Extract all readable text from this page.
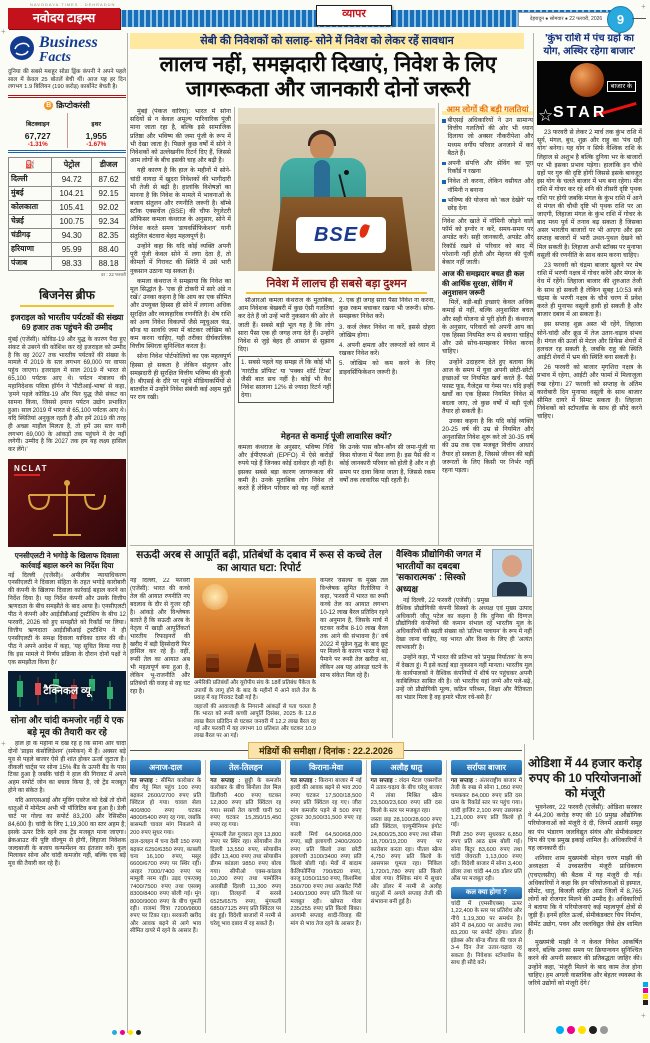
NAVODAYA TIMES . DEHRADUN
+
+
+
नवोदय टाइम्स	व्यापर	देहरादून ● सोमवार ● 22 फरवरी, 2026	9
Business
Facts
दुनिया की सबसे मशहूर सोडा ड्रिंक कंपनी ने अपने पहले साल में केवल 25 बोतलें बेची थीं। आज यह हर दिन लगभग 1.9 बिलियन (190 करोड़) कार्बोनेट बेचती है।
B क्रिप्टोकरंसी
बिटक्वाइन
67,727
-1.31%
इथर
1,955
-1.67%
⛽	पेट्रोल	डीजल
दिल्ली	94.72	87.62
मुंबई	104.21	92.15
कोलकाता	105.41	92.02
चेन्नई	100.75	92.34
चंडीगढ़	94.30	82.35
हरियाणा	95.99	88.40
पंजाब	98.33	88.18
दर : 22 फरवरी
बिजनेस ब्रीफ
इजराइल को भारतीय पर्यटकों की संख्या 69 हजार तक पहुंचने की उम्मीद
मुंबई (एजेंसी)। कोविड-19 और युद्ध के कारण पैदा हुए संकट से उबरने की कोशिश कर रहे इजराइल को उम्मीद है कि वह 2027 तक भारतीय पर्यटकों की संख्या के मामले में 2019 के स्तर लगभग 69,000 पर वापस पहुंच जाएगा। इजराइल में साल 2019 में भारत से 65,100 पर्यटक आए थे। पर्यटन मंत्रालय की महानिदेशक पवित्रा हॉर्गन ने 'पीटीआई-भाषा' से कहा, 'हमने पहले कोविड-19 और फिर युद्ध जैसे संकट का सामना किया, जिससे हमारा पर्यटन उद्योग प्रभावित हुआ। साल 2019 में भारत से 65,100 पर्यटक आए थे। यदि स्थितियां अनुकूल रहती हैं और हमें 2019 की तरह ही अच्छा माहौल मिलता है, तो हमें उस स्तर यानी लगभग 69,000 के आंकड़ों तक पहुंचने में देर नहीं लगेगी। उम्मीद है कि 2027 तक हम यह लक्ष्य हासिल कर लेंगे।'
NCLAT
एनसीएलटी ने भगोड़े के खिलाफ दिवाला कार्रवाई बहाल करने का निर्देश दिया
नई दिल्ली (एजेंसी)। अपीलीय न्यायाधिकरण एनसीएलटी ने दिवाला संहिता के तहत भगोड़े कारोबारी की कंपनी के खिलाफ दिवाला कार्रवाई बहाल करने का निर्देश दिया है। यह निर्देश कंपनी और उसके वित्तीय ऋणदाता के बीच समझौते के बाद आया है। एनसीएलटी पीठ ने कंपनी और आईडीबीआई ट्रस्टीशिप के बीच 12 फरवरी, 2026 को हुए समझौते को रिकॉर्ड पर लिया। वित्तीय ऋणदाता आईडीबीआई ट्रस्टीशिप ने ही एनसीएलटी के समक्ष दिवाला याचिका दायर की थी। पीठ ने अपने आदेश में कहा, 'यह सूचित किया गया है कि इस मामले में निर्णय प्रक्रिया के दौरान दोनों पक्षों ने एक समझौता किया है।'
टैक्निकल व्यू
सोना और चांदी कमजोर नहीं ये एक बड़े मूव की तैयारी कर रहे

हाल ही के महीनों में देख रहे हैं कि सोना और चांदी दोनों 'प्राइस कंसोलिडेशन' (समेकन) में हैं। अक्सर बड़े मूव से पहले बाजार ऐसे ही शांत होकर ऊर्जा जुटाता है। वीकली चार्ट्स पर सोना 15% बैंड के ऊपरी बैंड के पास टिका हुआ है जबकि चांदी ने हाल की गिरावट में अपने अहम सपोर्ट जोन का बचाव किया है, जो ट्रेंड मजबूत होने का संकेत है।

यदि आरएसआई और मूविंग एवरेज को देखें तो दोनों धातुओं में मोमेंटम अभी भी पॉजिटिव बना हुआ है। डेली चार्ट पर गोल्ड का सपोर्ट 83,200 और रेसिस्टेंस 84,600 है। चांदी के लिए 1,19,300 का स्तर अहम है; इसके ऊपर टिके रहने तक ट्रेंड मजबूत माना जाएगा। ब्रेकआउट की पुष्टि वॉल्यूम से होगी, लिहाजा निवेशक जल्दबाजी के बजाय कन्फर्मेशन का इंतजार करें। कुल मिलाकर सोना और चांदी कमजोर नहीं, बल्कि एक बड़े मूव की तैयारी कर रहे हैं।

सेबी की निवेशकों को सलाह- सोने में निवेश को लेकर रहें सावधान
लालच नहीं, समझदारी दिखाएं, निवेश के लिए जागरूकता और जानकारी दोनों जरूरी

मुंबई (पंकज वारिया): भारत में सोना सदियों से न केवल अमूल्य पारिवारिक पूंजी माना जाता रहा है, बल्कि इसे सामाजिक प्रतिष्ठा और भविष्य की जमा पूंजी के रूप में भी देखा जाता है। पिछले कुछ वर्षों में सोने ने निवेशकों को उल्लेखनीय रिटर्न दिए हैं, जिससे आम लोगों के बीच इसकी चाह और बढ़ी है।

यही कारण है कि हाल के महीनों में सोने-चांदी वायदा में खुदरा निवेशकों की भागीदारी भी तेजी से बढ़ी है। हालांकि विशेषज्ञों का मानना है कि निवेश के मामले में भावनाओं के बजाय संतुलन और रणनीति जरूरी है। बॉम्बे स्टॉक एक्सचेंज (BSE) की चीफ रेगुलेटरी ऑफिसर कमला कंथराज के अनुसार, सोने में निवेश करते समय 'डायवर्सिफिकेशन' यानी संतुलित बंटवारा बेहद महत्वपूर्ण है।

उन्होंने कहा कि यदि कोई व्यक्ति अपनी पूरी पूंजी केवल सोने में लगा देता है, तो कीमतों में गिरावट की स्थिति में उसे भारी नुकसान उठाना पड़ सकता है।

कमला कंथराज ने समझाया कि निवेश का मूल सिद्धांत है- 'एक ही टोकरी में सारे अंडे न रखें।' उनका कहना है कि आय का एक सीमित और उपयुक्त हिस्सा ही सोने में लगाना अधिक सुरक्षित और व्यावहारिक रणनीति है। शेष राशि को अन्य निवेश विकल्पों जैसे म्यूचुअल फंड, बॉन्ड या सावधि जमा में बांटकर जोखिम को कम करना चाहिए, यही तरीका दीर्घकालिक वित्तीय स्थिरता सुनिश्चित करता है।

सोना निवेश पोर्टफोलियो का एक महत्वपूर्ण हिस्सा हो सकता है लेकिन संतुलन और समझदारी ही सुरक्षित वित्तीय भविष्य की कुंजी है। बीएसई के दौरे पर पहुंचे मीडियाकर्मियों से बातचीत में उन्होंने निवेश संबंधी कई अहम मुद्दों पर राय रखी।

BSE
निवेश में लालच ही सबसे बड़ा दुश्मन

सीआरओ कमला कंथराज के मुताबिक, आम निवेशक बेखबरी में कुछ ऐसी गलतियां कर देते हैं जो उन्हें भारी नुकसान की ओर ले जाती हैं। सबसे बड़ी भूल यह है कि लोग सारा पैसा एक ही जगह लगा देते हैं। उन्होंने निवेश से जुड़े बेहद ही आसान से सुझाव दिए।

1. सबसे पहले यह समझ लें कि कोई भी 'गारंटीड प्रॉफिट' या 'पक्का शॉर्ट टिप्स' जैसी बात सच नहीं है। कोई भी वैध निवेश सालाना 12% से ज्यादा रिटर्न नहीं देगा।
2. एक ही जगह सारा पैसा निवेश ना करना, कुछ रकम बचाकर रखना भी जरूरी। सोच-समझकर निवेश करें।
3. कर्ज लेकर निवेश ना करें, इससे दोहरा जोखिम होगा।
4. अपनी क्षमता और जरूरतों को ध्यान में रखकर निवेश करें।
5. जोखिम को कम करने के लिए डाइवर्सिफिकेशन जरूरी है।
मेहनत से कमाई पूंजी लावारिस क्यों?
कमला कंथराज के अनुसार, भविष्य निधि और ईपीएफओ (EPFO) में ऐसे करोड़ों रुपये पड़े हैं जिनका कोई दावेदार ही नहीं है। इसका सबसे बड़ा कारण जागरूकता की कमी है। उनके मुताबिक लोग निवेश तो करते हैं लेकिन परिवार को यह नहीं बताते कि उनके पास कौन-कौन सी जमा-पूंजी या किस योजना में पैसा लगा है। इस पैसे की न कोई जानकारी परिवार को होती है और न ही समय पर दावा किया जाता है, जिससे रकम वर्षों तक लावारिस पड़ी रहती है।
आम लोगों की बड़ी गलतियां
बीएसई अधिकारियों ने उन सामान्य वित्तीय गलतियों की ओर भी ध्यान दिलाया जो अक्सर नौकरीपेशा और मध्यम वर्गीय परिवार अनजाने में कर बैठते हैं।
अपनी संपत्ति और सेविंग का पूरा रिकॉर्ड न रखना
निवेश तो करना, लेकिन वसीयत और नॉमिनी न बनाना
भविष्य की योजना को 'कल देखेंगे' पर छोड़ देना
निवेश और खाते में नॉमिनी जोड़ने वाले फॉर्म को इग्नोर न करें, समय-समय पर अपडेट करें। सही जानकारी, अपडेट और रिकॉर्ड रखने से परिवार को बाद में परेशानी नहीं होती और मेहनत की पूंजी बेकार नहीं जाती।
आज की समझदार बचत ही कल की आर्थिक सुरक्षा, सेविंग में अनुशासन जरूरी

मिलें, बड़ी-बड़ी इच्छाएं केवल अधिक कमाई से नहीं, बल्कि अनुशासित बचत और सही योजना से पूरी होती हैं। कंथराज के अनुसार, परिवारों को अपनी आय का एक हिस्सा नियमित रूप से बचाना चाहिए और उसे सोच-समझकर निवेश करना चाहिए।

उन्होंने उदाहरण देते हुए बताया कि आज के समय में युवा अपनी छोटी-छोटी इच्छाओं पर नियमित खर्च करते हैं- पैसे फास्ट फूड, गैजेट्स या गेम्स पर। यदि इन्हीं खर्चों का एक हिस्सा नियमित निवेश में बदला जाए, तो कुछ वर्षों में बड़ी पूंजी तैयार हो सकती है।

उनका कहना है कि यदि कोई व्यक्ति 20-25 वर्ष की उम्र से नियमित और अनुशासित निवेश शुरू करे तो 30-35 वर्ष की उम्र तक एक मजबूत वित्तीय आधार तैयार हो सकता है, जिससे जीवन की बड़ी जरूरतों के लिए किसी पर निर्भर नहीं रहना पड़ता।

'कुंभ राशि में पंच ग्रहों का योग, अस्थिर रहेगा बाजार'
बाजार के
☆ STAR

23 फरवरी से लेकर 2 मार्च तक कुंभ राशि में सूर्य, मंगल, बुध, शुक्र और राहु का 'पंच ग्रही योग' बनेगा। यह योग न सिर्फ वैश्विक राशि के लिहाज से अशुभ है बल्कि दुनिया भर के बाजारों पर भी इसका प्रभाव पड़ेगा। हालांकि इन चौथे ग्रहों पर गुरु की दृष्टि होगी जिससे इसके बावजूद इस योग के चलते बाजार में भय बना रहेगा। मीन राशि में गोचर कर रहे शनि की तीसरी दृष्टि पृथक राशि पर होगी जबकि मंगल के कुंभ राशि में आने से मंगल की चौथी दृष्टि भी पृथक राशि पर आ जाएगी, लिहाजा मंगल के कुंभ राशि में गोचर के बाद मध्य पूर्व में तनाव बढ़ सकता है जिसका असर भारतीय बाजारों पर भी आएगा और इस सप्ताह बाजारों में भारी उथल-पुथल देखने को मिल सकती है। लिहाजा अभी स्टॉक्स पर मुनाफा वसूली की रणनीति के साथ काम करना चाहिए।

23 फरवरी को चंद्रमा बाजार खुलने पर मेष राशि में भरणी नक्षत्र में गोचर करेंगे और मंगल के वेध में रहेंगे। लिहाजा बाजार की शुरुआत तेजी के साथ हो सकती है लेकिन सुबह 10:53 बजे चंद्रमा के भरणी नक्षत्र के चौथे चरण में प्रवेश करते ही मुनाफा वसूली हावी हो सकती है और बाजार दबाव में आ सकता है।

इस सप्ताह शुक्र अस्त भी रहेंगे, लिहाजा सोने-चांदी और क्रूड में तेज उतार-चढ़ाव संभव है। मंगल की ऊर्जा से मेटल और डिफेंस शेयरों में हलचल रह सकती है, जबकि राहु की स्थिति आईटी शेयरों में भ्रम की स्थिति बना सकती है।

26 फरवरी को बाजार मृगशिरा नक्षत्र के प्रभाव में रहेगा, आईटी और फार्मा में मिलाजुला रुख रहेगा। 27 फरवरी को सप्ताह के अंतिम कारोबारी दिन मुनाफा वसूली के साथ बाजार सीमित दायरे में सिमट सकता है। लिहाजा निवेशकों को स्टॉपलॉस के साथ ही सौदे करने चाहिए।

सऊदी अरब से आपूर्ति बढ़ी, प्रतिबंधों के दबाव में रूस से कच्चे तेल का आयात घटा: रिपोर्ट
नई दिल्ली, 22 फरवरी (एजेंसी): भारत की कच्चे तेल की आयात रणनीति नए बदलाव के दौर से गुजर रही है। आंकड़े और विश्लेषक बताते हैं कि सऊदी अरब के नेतृत्व में खाड़ी आपूर्तिकर्ता भारतीय रिफाइनरों की खरीद में बड़ी हिस्सेदारी फिर हासिल कर रहे हैं। वहीं, रूसी तेल का आयात अब भी महत्वपूर्ण बना हुआ है, लेकिन भू-राजनीति और प्रतिबंधों की वजह से वह घट रहा है।
अमेरिकी प्रतिबंधों और यूरोपीय संघ के 18वें प्रतिबंध पैकेज के उपायों के लागू होने के बाद के महीनों में आने वाले तेल के प्रवाह में यह गिरावट देखी गई है।
जहाजों की आवाजाही के निगरानी आंकड़ों से पता चलता है कि भारत को रूसी कच्ची आपूर्ति दिसंबर, 2025 के 12.8 लाख बैरल प्रतिदिन से घटकर जनवरी में 12.2 लाख बैरल रह गई और फरवरी में यह लगभग 10 प्रतिशत और घटकर 10.9 लाख बैरल पर आ गई।
केप्लर 'वेसल्स' के मुख्य तेल विश्लेषक सुमित रितोलिया ने कहा, 'फरवरी में भारत का रूसी कच्चे तेल का आयात लगभग 10-12 लाख बैरल प्रतिदिन रहने का अनुमान है, जिसके मार्च में घटकर करीब 8-10 लाख बैरल तक आने की संभावना है।' वर्ष 2022 में यूक्रेन युद्ध के बाद छूट पर मिलने के कारण भारत ने बड़े पैमाने पर रूसी तेल खरीदा था, लेकिन अब यह आंकड़ा घटने के साफ संकेत मिल रहे हैं।
वैश्विक प्रौद्योगिकी जगत में भारतीयों का दबदबा 'सकारात्मक' : सिस्को अध्यक्ष

नई दिल्ली, 22 फरवरी (एजेंसी) : प्रमुख वैश्विक प्रौद्योगिकी कंपनी सिस्को के अध्यक्ष एवं मुख्य उत्पाद अधिकारी जीतू पटेल का कहना है कि दुनिया की दिग्गज प्रौद्योगिकी कंपनियों की कमान संभाल रहे भारतीय मूल के अधिकारियों की बढ़ती संख्या को 'प्रतिभा पलायन' के रूप में नहीं देखा जाना चाहिए, यह भारत और विश्व के लिए ही 'अत्यंत लाभकारी' है।

उन्होंने कहा, 'मैं भारत की प्रतिभा को 'प्रमुख निर्यातक' के रूप में देखता हूं। मैं इसे कतई बड़ा नुकसान नहीं मानता। भारतीय मूल के कार्यपालकों ने वैश्विक कंपनियों में शीर्ष पर पहुंचकर अपनी काबिलियत साबित की है। जो भारतीय यहां जन्मे और पले-बढ़े, उन्हें जो प्रौद्योगिकी मूल्य, कठिन परिश्रम, शिक्षा और नैतिकता का भंडार मिला है वह हमारे भीतर रचे-बसे हैं।'

मंडियों की समीक्षा / दिनांक : 22.2.2026
अनाज-दाल
गत सप्ताह : सीमित कारोबार के बीच गेहूं मिल पहुंच 100 रुपए बढ़कर 2600/2700 रुपए प्रति क्विंटल हो गया। चावल सेला 400/800 रुपए घटकर 4800/5400 रुपए रह गया, जबकि बासमती चावल मांग निकलने से 200 रुपए सुधर गया।
दाल-दलहन में चना देसी 150 रुपए बढ़कर 6250/6350 रुपए, काबली चना 16,100 रुपए, मसूर 6600/6700 रुपए पर स्थिर रही। अरहर 7000/7400 रुपए पर मामूली नरम रही। उड़द एफएक्यू 7400/7500 रुपए तथा एसक्यू 8300/8400 रुपए बोली गई। मूंग 8000/9000 रुपए के बीच घूमती रही। राजमां चित्रा 7200/9800 रुपए पर टिका रहा। सरकारी खरीद और आवक बढ़ने से आगे भाव सीमित दायरे में रहने के आसार हैं।
तेल-तिलहन
गत सप्ताह : छुट्टी के कमजोर कारोबार के बीच बिनौला तेल मिल डिलीवरी 400 रुपए घटकर 12,800 रुपए प्रति क्विंटल रह गया। सरसों तेल कच्ची घानी 50 रुपए घटकर 15,350/15,450 रुपए रह गया।
मूंगफली तेल गुजरात लूज 13,800 रुपए पर स्थिर रहा। सोयाबीन तेल दिल्ली 13,550 रुपए, सोयाबीन इंदौर 13,400 रुपए तथा सोयाबीन डीगम कांडला 9850 रुपए बोला गया। सीपीओ एक्स-कांडला 10,200 रुपए तथा पामोलिन आरबीडी दिल्ली 11,300 रुपए रहा। तिलहनों में सरसों 6525/6575 रुपए, मूंगफली 6850/7125 रुपए प्रति क्विंटल पर बंद हुई। विदेशी बाजारों में नरमी से घरेलू भाव दबाव में रह सकते हैं।
किराना-मेवा
गत सप्ताह : किराना बाजार में नई हल्दी की आवक बढ़ने से भाव 200 रुपए घटकर 17,500/18,500 रुपए प्रति क्विंटल रह गए। जीरा मांग कमजोर पड़ने से 500 रुपए टूटकर 30,500/31,500 रुपए रह गया।
काली मिर्च 64,500/68,000 रुपए, बड़ी इलायची 2400/2600 रुपए प्रति किलो तथा छोटी इलायची 3100/3400 रुपए प्रति किलो बोली गई। मेवों में बादाम कैलिफोर्निया 790/820 रुपए, काजू 1050/1150 रुपए, किशमिश 350/700 रुपए तथा अखरोट गिरी 1400/1900 रुपए प्रति किलो पर मजबूत रही। खोपरा गोला 235/255 रुपए प्रति किलो बिका। आगामी सप्ताह शादी-विवाह की मांग से भाव तेज रहने के आसार हैं।
अलौह धातु
गत सप्ताह : लंदन मेटल एक्सचेंज में उतार-चढ़ाव के बीच घरेलू बाजार में तांबा मिश्रित स्क्रैप 23,500/23,600 रुपए प्रति दस किलो के स्तर पर मजबूत रहा।
जस्ता छड़ 28,100/28,600 रुपए प्रति क्विंटल, एल्युमीनियम इंगोट 24,800/25,300 रुपए तथा सीसा 18,700/19,200 रुपए पर कारोबार करता रहा। पीतल स्क्रैप 4,750 रुपए प्रति किलो के आसपास घूमता रहा। निकिल 1,720/1,780 रुपए प्रति किलो बोला गया। वैश्विक मांग में सुधार और डॉलर में नरमी से अलौह धातुओं में अगले सप्ताह तेजी की संभावना बनी हुई है।
सर्राफा बाजार
गत सप्ताह : अंतरराष्ट्रीय बाजार में तेजी के रुख से सोना 1,050 रुपए चमककर 84,000 रुपए प्रति दस ग्राम के रिकॉर्ड स्तर पर पहुंच गया। चांदी हाजिर 2,100 रुपए उछलकर 1,21,000 रुपए प्रति किलो हो गई।
गिन्नी 250 रुपए सुधरकर 6,850 रुपए प्रति आठ ग्राम बोली गई। सोना बिटुर 83,600 रुपए तथा चांदी जेवराती 1,13,000 रुपए रही। विदेशी बाजार में सोना 3,400 डॉलर तथा चांदी 44.05 डॉलर प्रति औंस पर मजबूत रही।
कल क्या होगा ?
चांदी में (एमसीएक्स) ऊपर 1,22,400 के स्तर पर प्रतिरोध और नीचे 1,19,300 पर समर्थन है। सोने में 84,600 पर अवरोध तथा 83,200 पर सपोर्ट रहेगा। डॉलर इंडेक्स और बॉन्ड यील्ड की चाल से 3-4 दिन तेज उतार-चढ़ाव रह सकता है। निवेशक स्टॉपलॉस के साथ ही सौदे करें।
ओडिशा में 44 हजार करोड़ रुपए की 10 परियोजनाओं को मंजूरी

भुवनेश्वर, 22 फरवरी (एजेंसी): ओडिशा सरकार ने 44,200 करोड़ रुपए की 10 प्रमुख औद्योगिक परियोजनाओं को मंजूरी दे दी, जिनमें अडानी समूह का पंप भंडारण जलविद्युत संयंत्र और सेमीकंडक्टर चिप की एक प्रमुख इकाई शामिल है। अधिकारियों ने यह जानकारी दी।

शनिवार शाम मुख्यमंत्री मोहन चरण माझी की अध्यक्षता में उच्चस्तरीय मंजूरी प्राधिकरण (एचएलसीए) की बैठक में यह मंजूरी दी गई। अधिकारियों ने कहा कि इन परियोजनाओं से इस्पात, सीमेंट, धातु, बिजली सहित आठ जिलों में 8,765 लोगों को रोजगार मिलने की उम्मीद है। अधिकारियों ने बताया कि ये परियोजनाएं कई महत्वपूर्ण क्षेत्रों से जुड़ी हैं। इनमें हरित ऊर्जा, सेमीकंडक्टर चिप निर्माण, सीमेंट उद्योग, पवन और जलविद्युत जैसे क्षेत्र शामिल हैं।

मुख्यमंत्री माझी ने न केवल निवेश आकर्षित करने, बल्कि उनका समय पर क्रियान्वयन सुनिश्चित करने की अपनी सरकार की प्रतिबद्धता जाहिर की। उन्होंने कहा, 'मंजूरी मिलने के बाद काम तेज होना चाहिए। हम अगली वास्तविक और बेहतर व्यवस्था के जरिये उद्योगों को मंजूरी देंगे।'

+
